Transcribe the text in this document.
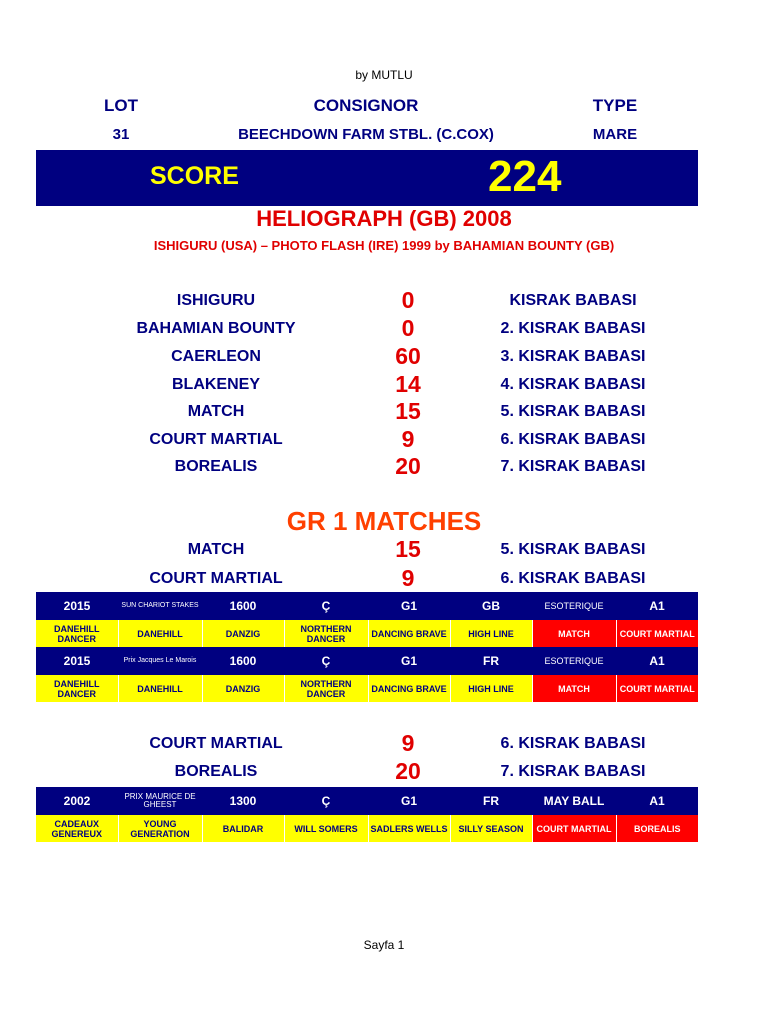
by MUTLU
LOT	CONSIGNOR	TYPE
31	BEECHDOWN FARM STBL. (C.COX)	MARE
SCORE	224
HELIOGRAPH (GB) 2008
ISHIGURU (USA) – PHOTO FLASH (IRE) 1999 by BAHAMIAN BOUNTY (GB)
ISHIGURU	0	KISRAK BABASI
BAHAMIAN BOUNTY	0	2. KISRAK BABASI
CAERLEON	60	3. KISRAK BABASI
BLAKENEY	14	4. KISRAK BABASI
MATCH	15	5. KISRAK BABASI
COURT MARTIAL	9	6. KISRAK BABASI
BOREALIS	20	7. KISRAK BABASI
GR 1 MATCHES
MATCH	15	5. KISRAK BABASI
COURT MARTIAL	9	6. KISRAK BABASI
2015	SUN CHARIOT STAKES	1600	Ç	G1	GB	ESOTERIQUE	A1
DANEHILL DANCER	DANEHILL	DANZIG	NORTHERN DANCER	DANCING BRAVE	HIGH LINE	MATCH	COURT MARTIAL
2015	Prix Jacques Le Marois	1600	Ç	G1	FR	ESOTERIQUE	A1
DANEHILL DANCER	DANEHILL	DANZIG	NORTHERN DANCER	DANCING BRAVE	HIGH LINE	MATCH	COURT MARTIAL
COURT MARTIAL	9	6. KISRAK BABASI
BOREALIS	20	7. KISRAK BABASI
2002	PRIX MAURICE DE GHEEST	1300	Ç	G1	FR	MAY BALL	A1
CADEAUX GENEREUX	YOUNG GENERATION	BALIDAR	WILL SOMERS	SADLERS WELLS	SILLY SEASON	COURT MARTIAL	BOREALIS
Sayfa 1
